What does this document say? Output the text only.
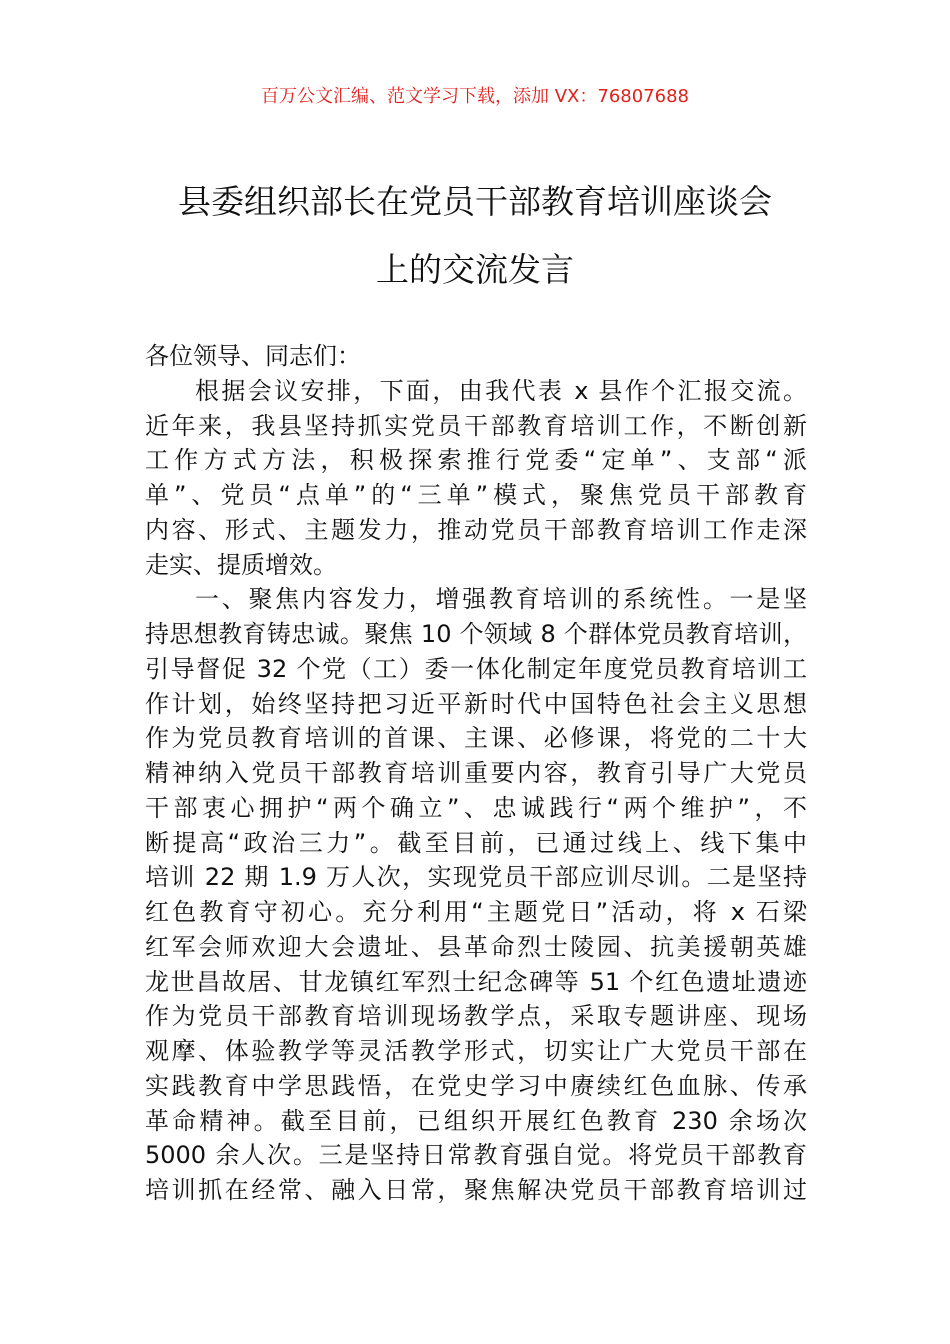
百万公文汇编、范文学习下载，添加 VX：76807688
县委组织部长在党员干部教育培训座谈会
上的交流发言
各位领导、同志们：
根据会议安排，下面，由我代表 x 县作个汇报交流。
近年来，我县坚持抓实党员干部教育培训工作，不断创新
工作方式方法，积极探索推行党委“定单”、支部“派
单”、党员“点单”的“三单”模式，聚焦党员干部教育
内容、形式、主题发力，推动党员干部教育培训工作走深
走实、提质增效。
一、聚焦内容发力，增强教育培训的系统性。一是坚
持思想教育铸忠诚。聚焦 10 个领域 8 个群体党员教育培训，
引导督促 32 个党（工）委一体化制定年度党员教育培训工
作计划，始终坚持把习近平新时代中国特色社会主义思想
作为党员教育培训的首课、主课、必修课，将党的二十大
精神纳入党员干部教育培训重要内容，教育引导广大党员
干部衷心拥护“两个确立”、忠诚践行“两个维护”，不
断提高“政治三力”。截至目前，已通过线上、线下集中
培训 22 期 1.9 万人次，实现党员干部应训尽训。二是坚持
红色教育守初心。充分利用“主题党日”活动，将 x 石梁
红军会师欢迎大会遗址、县革命烈士陵园、抗美援朝英雄
龙世昌故居、甘龙镇红军烈士纪念碑等 51 个红色遗址遗迹
作为党员干部教育培训现场教学点，采取专题讲座、现场
观摩、体验教学等灵活教学形式，切实让广大党员干部在
实践教育中学思践悟，在党史学习中赓续红色血脉、传承
革命精神。截至目前，已组织开展红色教育 230 余场次
5000 余人次。三是坚持日常教育强自觉。将党员干部教育
培训抓在经常、融入日常，聚焦解决党员干部教育培训过
